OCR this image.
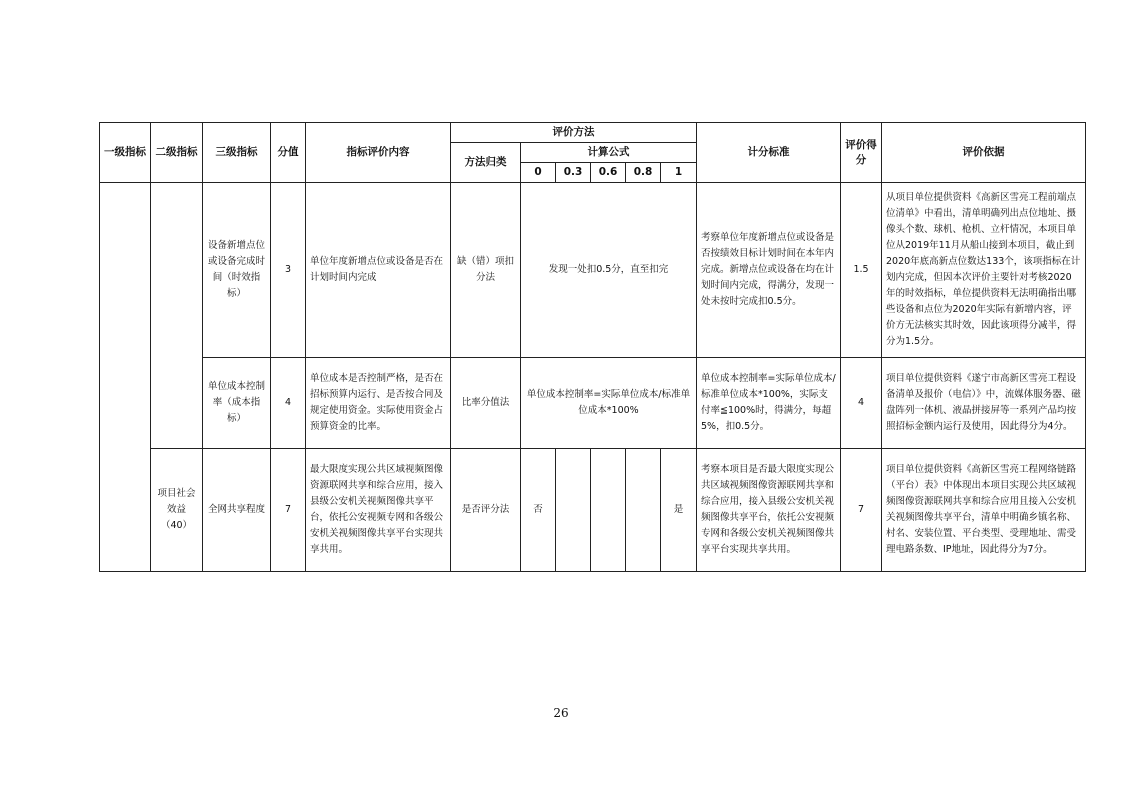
一级指标	二级指标	三级指标	分值	指标评价内容	评价方法						计分标准	评价得分	评价依据
					方法归类	计算公式							
						0	0.3	0.6	0.8	1			
		设备新增点位或设备完成时间（时效指标）	3	单位年度新增点位或设备是否在计划时间内完成	缺（错）项扣分法	发现一处扣0.5分，直至扣完					考察单位年度新增点位或设备是否按绩效目标计划时间在本年内完成。新增点位或设备在均在计划时间内完成，得满分，发现一处未按时完成扣0.5分。	1.5	从项目单位提供资料《高新区雪亮工程前端点位清单》中看出，清单明确列出点位地址、摄像头个数、球机、枪机、立杆情况，本项目单位从2019年11月从船山接到本项目，截止到2020年底高新点位数达133个，该项指标在计划内完成，但因本次评价主要针对考核2020年的时效指标，单位提供资料无法明确指出哪些设备和点位为2020年实际有新增内容，评价方无法核实其时效，因此该项得分减半，得分为1.5分。
		单位成本控制率（成本指标）	4	单位成本是否控制严格，是否在招标预算内运行、是否按合同及规定使用资金。实际使用资金占预算资金的比率。	比率分值法	单位成本控制率=实际单位成本/标准单位成本*100%					单位成本控制率=实际单位成本/标准单位成本*100%，实际支付率≦100%时，得满分，每超5%，扣0.5分。	4	项目单位提供资料《遂宁市高新区雪亮工程设备清单及报价（电信）》中，流媒体服务器、磁盘阵列一体机、液晶拼接屏等一系列产品均按照招标金额内运行及使用，因此得分为4分。
	项目社会效益（40）	全网共享程度	7	最大限度实现公共区域视频图像资源联网共享和综合应用，接入县级公安机关视频图像共享平台，依托公安视频专网和各级公安机关视频图像共享平台实现共享共用。	是否评分法	否				是	考察本项目是否最大限度实现公共区域视频图像资源联网共享和综合应用，接入县级公安机关视频图像共享平台，依托公安视频专网和各级公安机关视频图像共享平台实现共享共用。	7	项目单位提供资料《高新区雪亮工程网络链路（平台）表》中体现出本项目实现公共区域视频图像资源联网共享和综合应用且接入公安机关视频图像共享平台，清单中明确乡镇名称、村名、安装位置、平台类型、受理地址、需受理电路条数、IP地址，因此得分为7分。
26
